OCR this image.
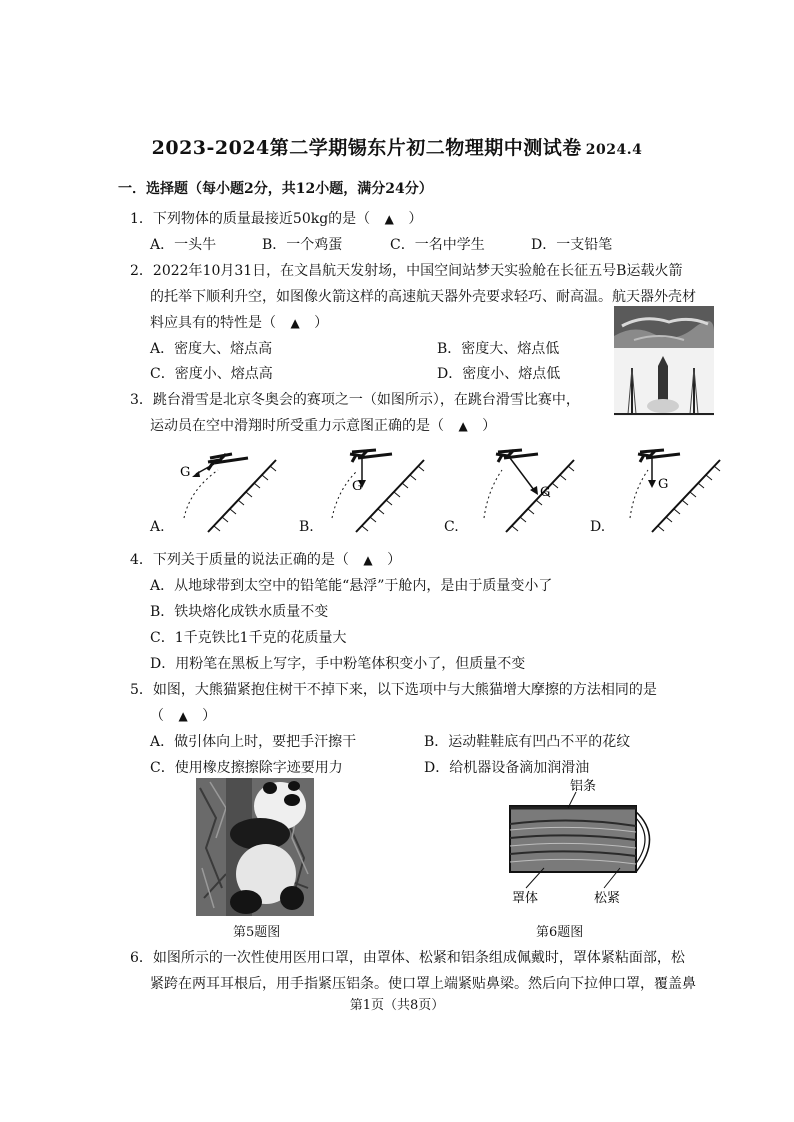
2023-2024第二学期锡东片初二物理期中测试卷 2024.4
一．选择题（每小题2分，共12小题，满分24分）
1．下列物体的质量最接近50kg的是（ ▲ ）
A．一头牛	B．一个鸡蛋	C．一名中学生	D．一支铅笔
2．2022年10月31日，在文昌航天发射场，中国空间站梦天实验舱在长征五号B运载火箭
的托举下顺利升空，如图像火箭这样的高速航天器外壳要求轻巧、耐高温。航天器外壳材
料应具有的特性是（ ▲ ）
A．密度大、熔点高	B．密度大、熔点低
C．密度小、熔点高	D．密度小、熔点低
3．跳台滑雪是北京冬奥会的赛项之一（如图所示），在跳台滑雪比赛中，
运动员在空中滑翔时所受重力示意图正确的是（ ▲ ）
G
A.
G
B.
G
C.
G
D.
4．下列关于质量的说法正确的是（ ▲ ）
A．从地球带到太空中的铅笔能“悬浮”于舱内，是由于质量变小了
B．铁块熔化成铁水质量不变
C．1千克铁比1千克的花质量大
D．用粉笔在黑板上写字，手中粉笔体积变小了，但质量不变
5．如图，大熊猫紧抱住树干不掉下来，以下选项中与大熊猫增大摩擦的方法相同的是
（ ▲ ）
A．做引体向上时，要把手汗擦干	B．运动鞋鞋底有凹凸不平的花纹
C．使用橡皮擦擦除字迹要用力	D．给机器设备滴加润滑油
第5题图
铝条
罩体	松紧
第6题图
6．如图所示的一次性使用医用口罩，由罩体、松紧和铝条组成佩戴时，罩体紧粘面部，松
紧跨在两耳耳根后，用手指紧压铝条。使口罩上端紧贴鼻梁。然后向下拉伸口罩，覆盖鼻
第1页（共8页）
